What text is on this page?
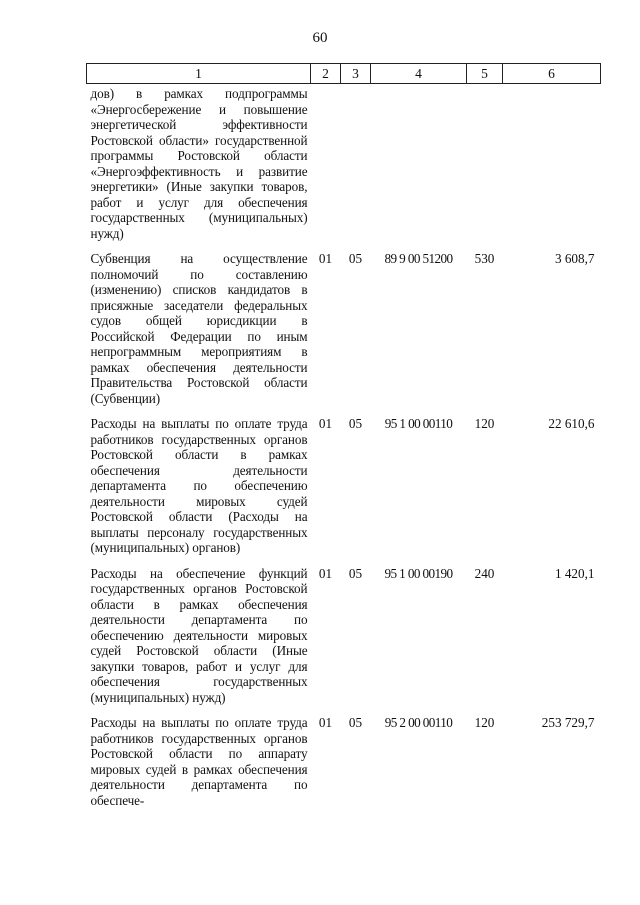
60
1	2	3	4	5	6
дов) в рамках подпрограммы «Энергосбережение и повышение энергетической эффективности Ростовской области» государственной программы Ростовской области «Энергоэффективность и развитие энергетики» (Иные закупки товаров, работ и услуг для обеспечения государственных (муниципальных) нужд)					
Субвенция на осуществление полномочий по составлению (изменению) списков кандидатов в присяжные заседатели федеральных судов общей юрисдикции в Российской Федерации по иным непрограммным мероприятиям в рамках обеспечения деятельности Правительства Ростовской области (Субвенции)	01	05	89 9 00 51200	530	3 608,7
Расходы на выплаты по оплате труда работников государственных органов Ростовской области в рамках обеспечения деятельности департамента по обеспечению деятельности мировых судей Ростовской области (Расходы на выплаты персоналу государственных (муниципальных) органов)	01	05	95 1 00 00110	120	22 610,6
Расходы на обеспечение функций государственных органов Ростовской области в рамках обеспечения деятельности департамента по обеспечению деятельности мировых судей Ростовской области (Иные закупки товаров, работ и услуг для обеспечения государственных (муниципальных) нужд)	01	05	95 1 00 00190	240	1 420,1
Расходы на выплаты по оплате труда работников государственных органов Ростовской области по аппарату мировых судей в рамках обеспечения деятельности департамента по обеспече-	01	05	95 2 00 00110	120	253 729,7
